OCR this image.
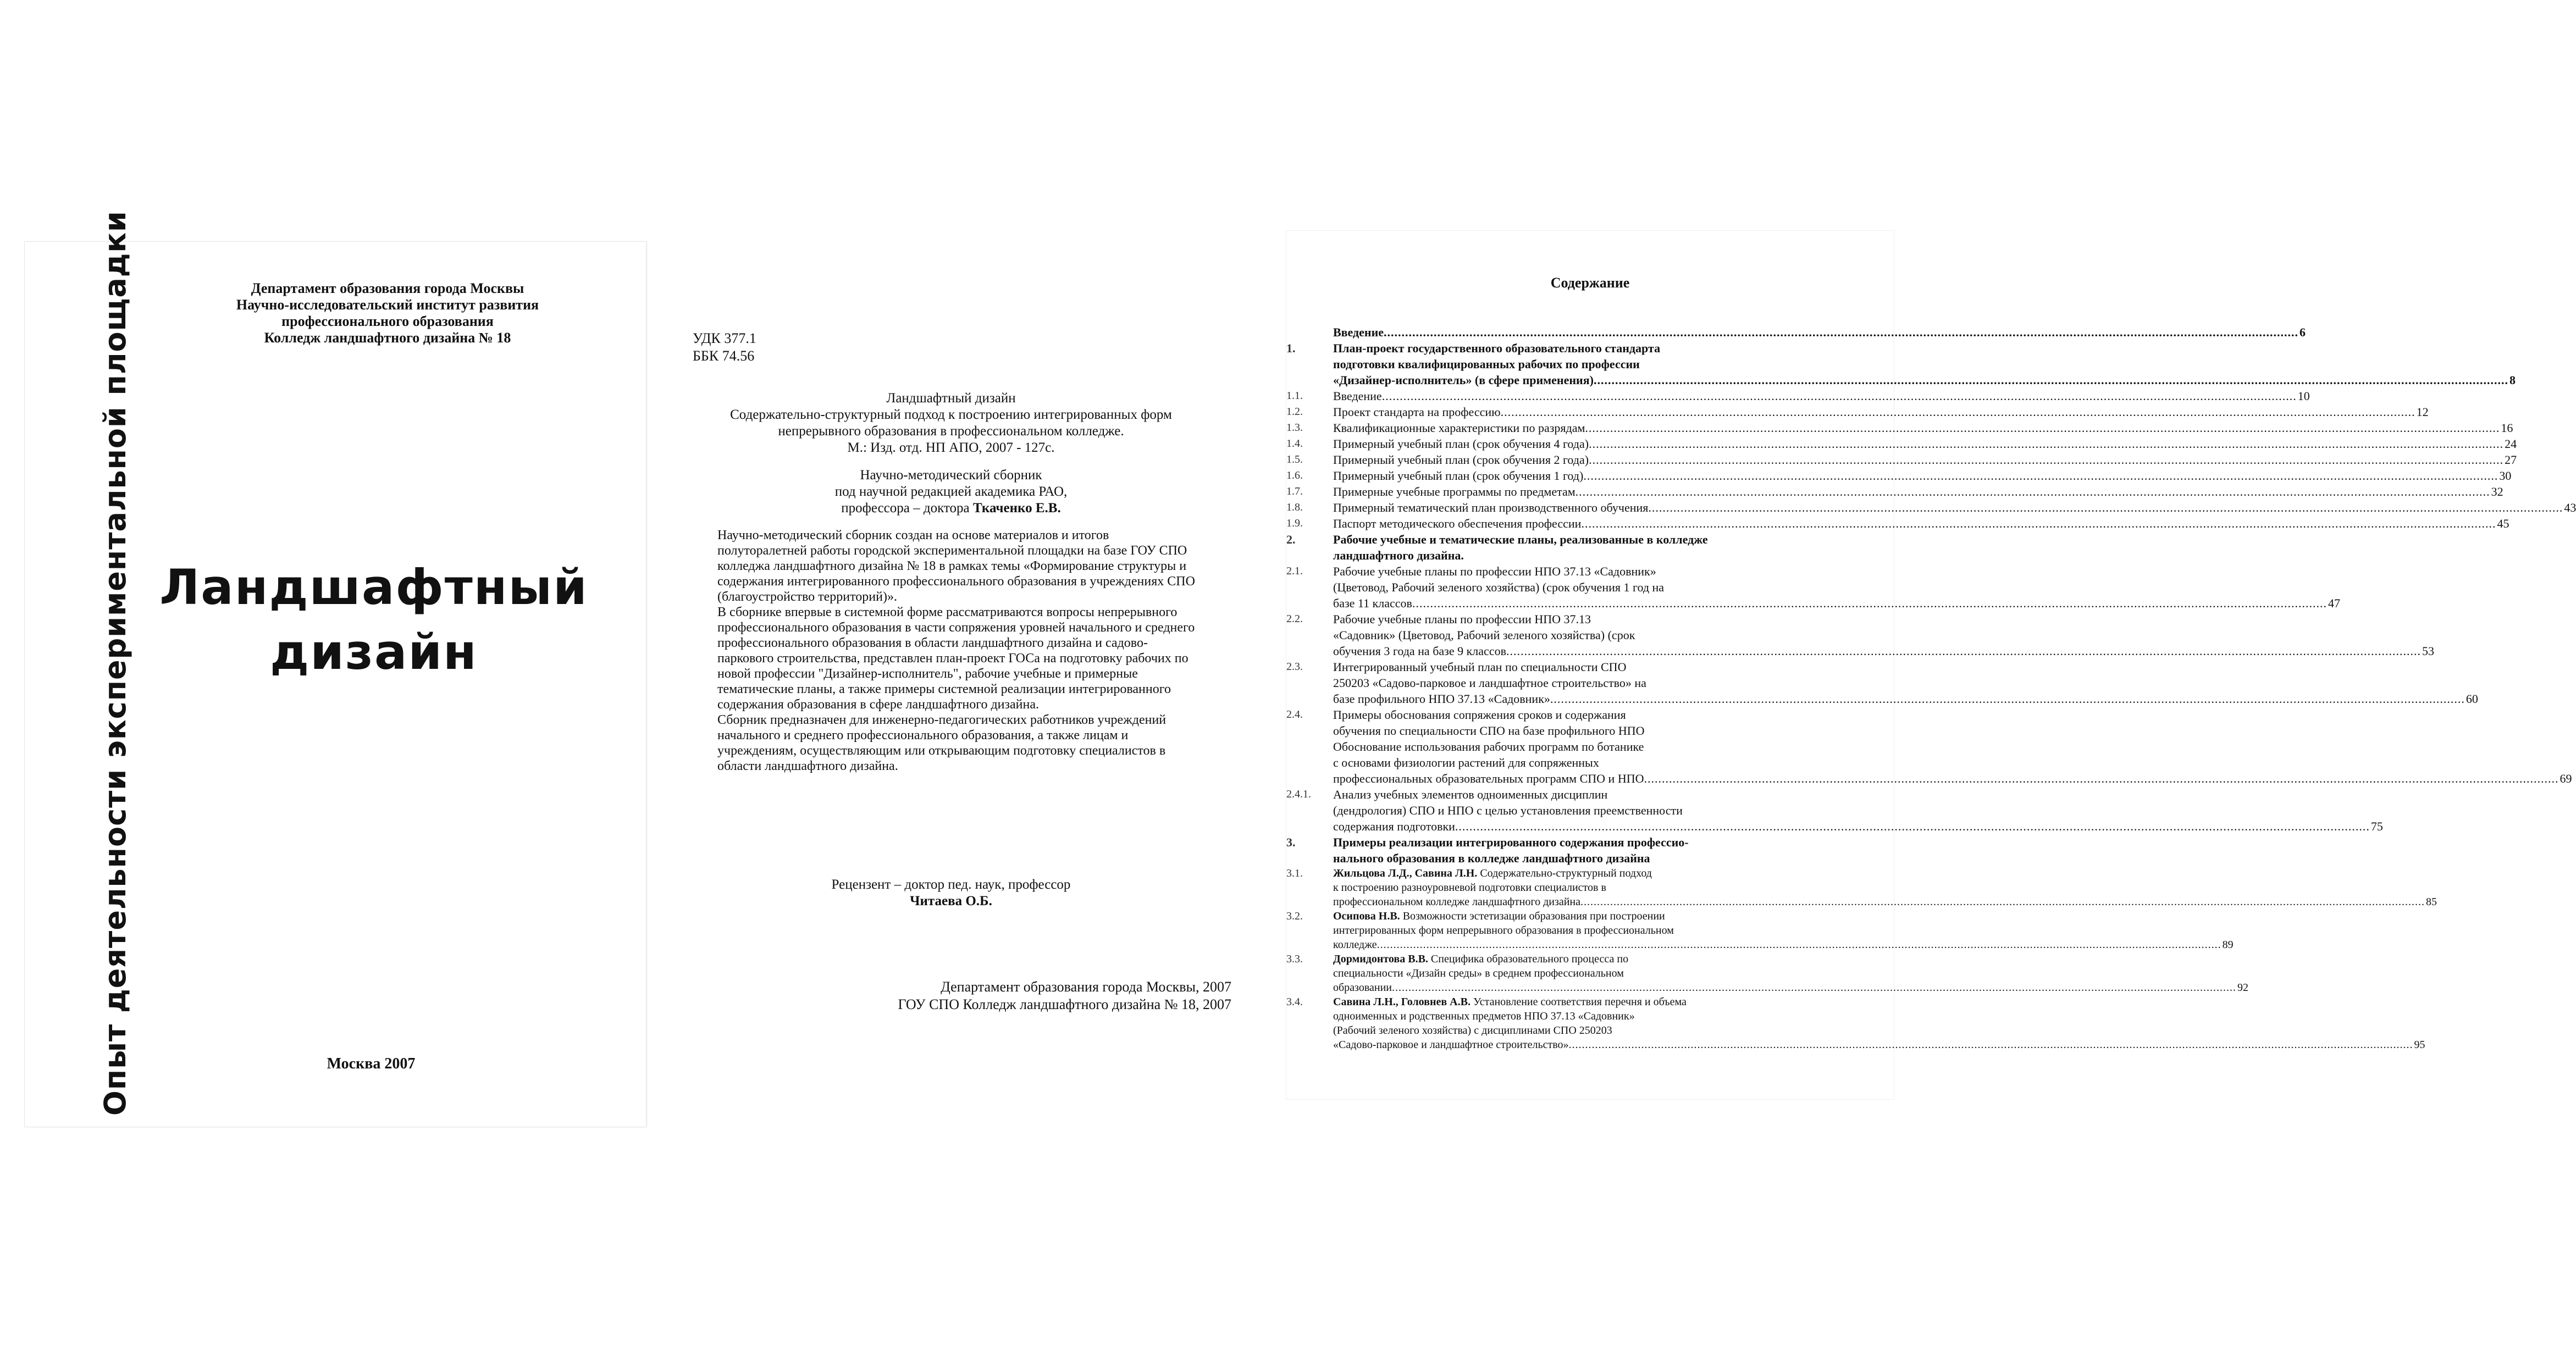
Опыт деятельности экспериментальной площадки	Департамент образования города Москвы
Научно-исследовательский институт развития
профессионального образования
Колледж ландшафтного дизайна № 18
Ландшафтный
дизайн
Москва 2007
УДК 377.1
ББК 74.56
Ландшафтный дизайн
Содержательно-структурный подход к построению интегрированных форм
непрерывного образования в профессиональном колледже.
М.: Изд. отд. НП АПО, 2007 - 127с.
Научно-методический сборник
под научной редакцией академика РАО,
профессора – доктора Ткаченко Е.В.

Научно-методический сборник создан на основе материалов и итогов полуторалетней работы городской экспериментальной площадки на базе ГОУ СПО колледжа ландшафтного дизайна № 18 в рамках темы «Формирование структуры и содержания интегрированного профессионального образования в учреждениях СПО (благоустройство территорий)».

В сборнике впервые в системной форме рассматриваются вопросы непрерывного профессионального образования в части сопряжения уровней начального и среднего профессионального образования в области ландшафтного дизайна и садово-паркового строительства, представлен план-проект ГОСа на подготовку рабочих по новой профессии "Дизайнер-исполнитель", рабочие учебные и примерные тематические планы, а также примеры системной реализации интегрированного содержания образования в сфере ландшафтного дизайна.

Сборник предназначен для инженерно-педагогических работников учреждений начального и среднего профессионального образования, а также лицам и учреждениям, осуществляющим или открывающим подготовку специалистов в области ландшафтного дизайна.

Рецензент – доктор пед. наук, профессор
Читаева О.Б.
Департамент образования города Москвы, 2007
ГОУ СПО Колледж ландшафтного дизайна № 18, 2007
Содержание
Введение .....	6
1.	План-проект государственного образовательного стандарта
подготовки квалифицированных рабочих по профессии
«Дизайнер-исполнитель» (в сфере применения) .....	8
1.1.	Введение .....	10
1.2.	Проект стандарта на профессию .....	12
1.3.	Квалификационные характеристики по разрядам .....	16
1.4.	Примерный учебный план (срок обучения 4 года) .....	24
1.5.	Примерный учебный план (срок обучения 2 года) .....	27
1.6.	Примерный учебный план (срок обучения 1 год) .....	30
1.7.	Примерные учебные программы по предметам .....	32
1.8.	Примерный тематический план производственного обучения .....	43
1.9.	Паспорт методического обеспечения профессии .....	45
2.	Рабочие учебные и тематические планы, реализованные в колледже
ландшафтного дизайна.
2.1.	Рабочие учебные планы по профессии НПО 37.13 «Садовник»
(Цветовод, Рабочий зеленого хозяйства) (срок обучения 1 год на
базе 11 классов .....	47
2.2.	Рабочие учебные планы по профессии НПО 37.13
«Садовник» (Цветовод, Рабочий зеленого хозяйства) (срок
обучения 3 года на базе 9 классов .....	53
2.3.	Интегрированный учебный план по специальности СПО
250203 «Садово-парковое и ландшафтное строительство» на
базе профильного НПО 37.13 «Садовник» .....	60
2.4.	Примеры обоснования сопряжения сроков и содержания
обучения по специальности СПО на базе профильного НПО
Обоснование использования рабочих программ по ботанике
с основами физиологии растений для сопряженных
профессиональных образовательных программ СПО и НПО .....	69
2.4.1.	Анализ учебных элементов одноименных дисциплин
(дендрология) СПО и НПО с целью установления преемственности
содержания подготовки .....	75
3.	Примеры реализации интегрированного содержания профессио-
нального образования в колледже ландшафтного дизайна
3.1.	Жильцова Л.Д., Савина Л.Н. Содержательно-структурный подход
к построению разноуровневой подготовки специалистов в
профессиональном колледже ландшафтного дизайна .....	85
3.2.	Осипова Н.В. Возможности эстетизации образования при построении
интегрированных форм непрерывного образования в профессиональном
колледже .....	89
3.3.	Дормидонтова В.В. Специфика образовательного процесса по
специальности «Дизайн среды» в среднем профессиональном
образовании .....	92
3.4.	Савина Л.Н., Головнев А.В. Установление соответствия перечня и объема
одноименных и родственных предметов НПО 37.13 «Садовник»
(Рабочий зеленого хозяйства) с дисциплинами СПО 250203
«Садово-парковое и ландшафтное строительство» .....	95
